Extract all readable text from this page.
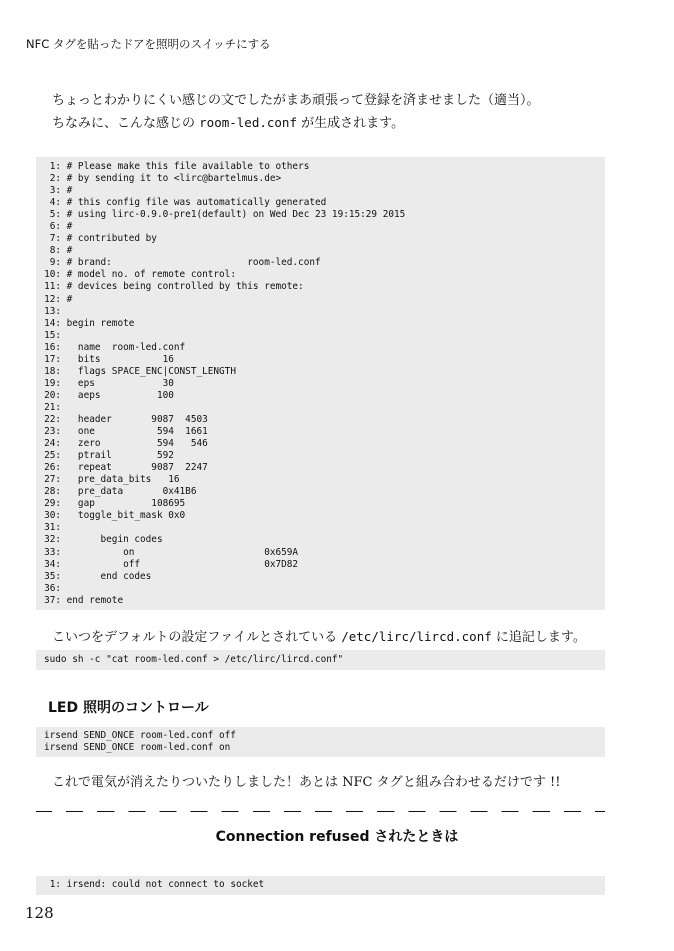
NFC タグを貼ったドアを照明のスイッチにする
ちょっとわかりにくい感じの文でしたがまあ頑張って登録を済ませました（適当）。
ちなみに、こんな感じの room-led.conf が生成されます。
1: # Please make this file available to others
2: # by sending it to <lirc@bartelmus.de>
3: #
4: # this config file was automatically generated
5: # using lirc-0.9.0-pre1(default) on Wed Dec 23 19:15:29 2015
6: #
7: # contributed by
8: #
9: # brand:                        room-led.conf
10: # model no. of remote control:
11: # devices being controlled by this remote:
12: #
13:
14: begin remote
15:
16:   name  room-led.conf
17:   bits           16
18:   flags SPACE_ENC|CONST_LENGTH
19:   eps            30
20:   aeps          100
21:
22:   header       9087  4503
23:   one           594  1661
24:   zero          594   546
25:   ptrail        592
26:   repeat       9087  2247
27:   pre_data_bits   16
28:   pre_data       0x41B6
29:   gap          108695
30:   toggle_bit_mask 0x0
31:
32:       begin codes
33:           on                       0x659A
34:           off                      0x7D82
35:       end codes
36:
37: end remote
こいつをデフォルトの設定ファイルとされている /etc/lirc/lircd.conf に追記します。
sudo sh -c "cat room-led.conf > /etc/lirc/lircd.conf"
LED 照明のコントロール
irsend SEND_ONCE room-led.conf off
irsend SEND_ONCE room-led.conf on
これで電気が消えたりついたりしました！あとは NFC タグと組み合わせるだけです !!
Connection refused されたときは
1: irsend: could not connect to socket
128
